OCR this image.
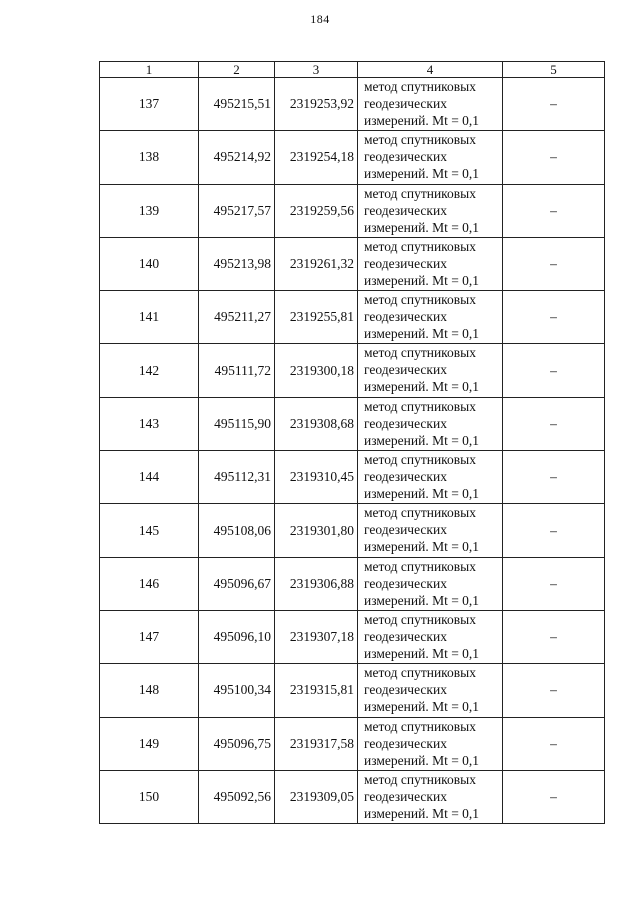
184
1	2	3	4	5
137	495215,51	2319253,92	метод спутниковых
геодезических
измерений. Mt = 0,1	–
138	495214,92	2319254,18	метод спутниковых
геодезических
измерений. Mt = 0,1	–
139	495217,57	2319259,56	метод спутниковых
геодезических
измерений. Mt = 0,1	–
140	495213,98	2319261,32	метод спутниковых
геодезических
измерений. Mt = 0,1	–
141	495211,27	2319255,81	метод спутниковых
геодезических
измерений. Mt = 0,1	–
142	495111,72	2319300,18	метод спутниковых
геодезических
измерений. Mt = 0,1	–
143	495115,90	2319308,68	метод спутниковых
геодезических
измерений. Mt = 0,1	–
144	495112,31	2319310,45	метод спутниковых
геодезических
измерений. Mt = 0,1	–
145	495108,06	2319301,80	метод спутниковых
геодезических
измерений. Mt = 0,1	–
146	495096,67	2319306,88	метод спутниковых
геодезических
измерений. Mt = 0,1	–
147	495096,10	2319307,18	метод спутниковых
геодезических
измерений. Mt = 0,1	–
148	495100,34	2319315,81	метод спутниковых
геодезических
измерений. Mt = 0,1	–
149	495096,75	2319317,58	метод спутниковых
геодезических
измерений. Mt = 0,1	–
150	495092,56	2319309,05	метод спутниковых
геодезических
измерений. Mt = 0,1	–
